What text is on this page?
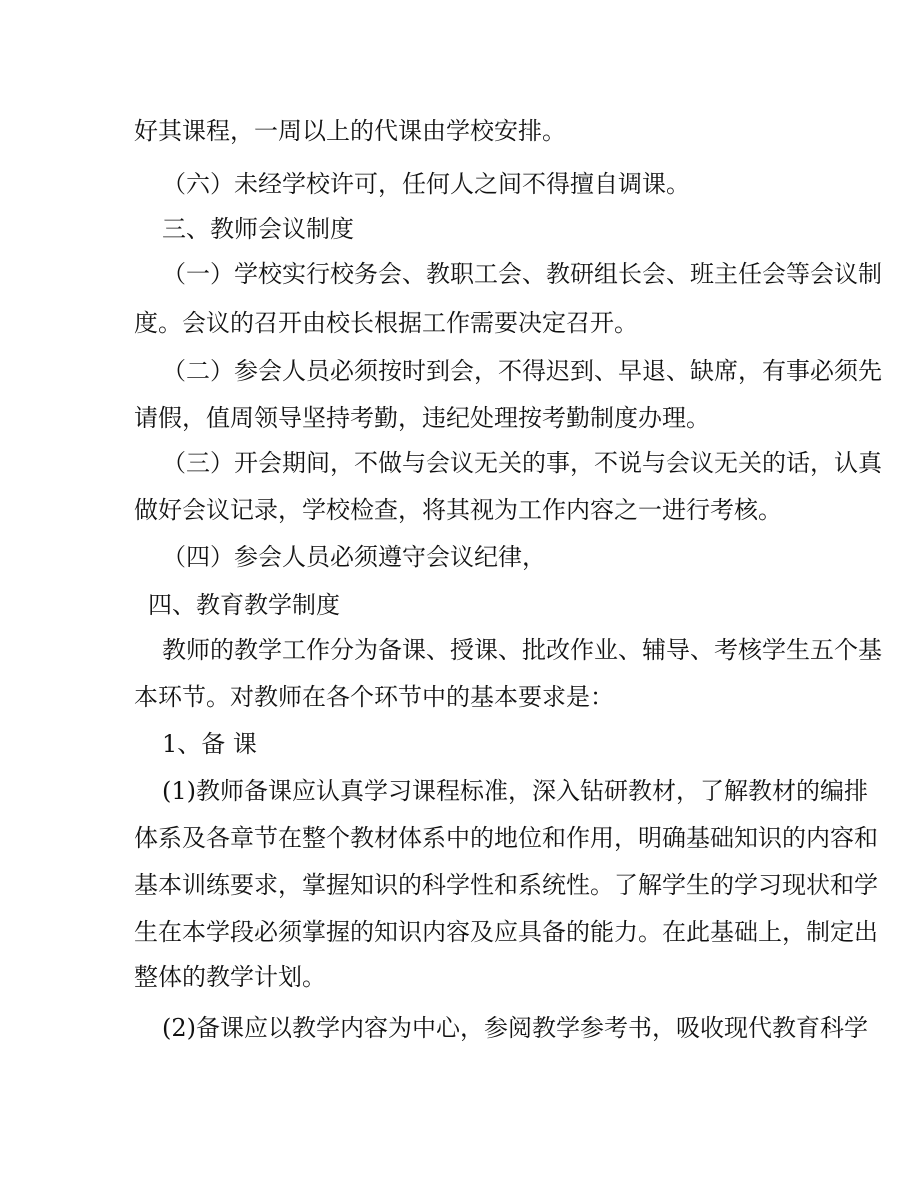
好其课程，一周以上的代课由学校安排。

（六）未经学校许可，任何人之间不得擅自调课。

三、教师会议制度

（一）学校实行校务会、教职工会、教研组长会、班主任会等会议制

度。会议的召开由校长根据工作需要决定召开。

（二）参会人员必须按时到会，不得迟到、早退、缺席，有事必须先

请假，值周领导坚持考勤，违纪处理按考勤制度办理。

（三）开会期间，不做与会议无关的事，不说与会议无关的话，认真

做好会议记录，学校检查，将其视为工作内容之一进行考核。

（四）参会人员必须遵守会议纪律，

四、教育教学制度

教师的教学工作分为备课、授课、批改作业、辅导、考核学生五个基

本环节。对教师在各个环节中的基本要求是：

1、备 课

(1)教师备课应认真学习课程标准，深入钻研教材，了解教材的编排

体系及各章节在整个教材体系中的地位和作用，明确基础知识的内容和

基本训练要求，掌握知识的科学性和系统性。了解学生的学习现状和学

生在本学段必须掌握的知识内容及应具备的能力。在此基础上，制定出

整体的教学计划。

(2)备课应以教学内容为中心，参阅教学参考书，吸收现代教育科学
